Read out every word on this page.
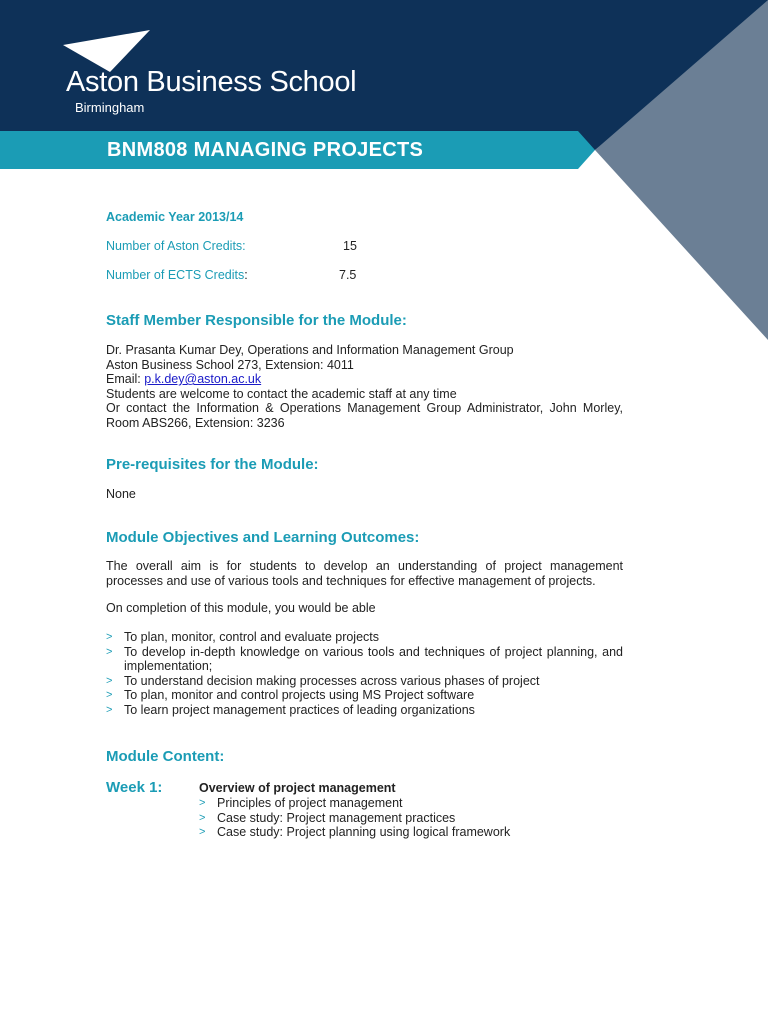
Aston Business School
Birmingham
BNM808 MANAGING PROJECTS
Academic Year 2013/14
Number of Aston Credits:	15
Number of ECTS Credits:	7.5
Staff Member Responsible for the Module:
Dr. Prasanta Kumar Dey, Operations and Information Management Group
Aston Business School 273, Extension: 4011
Email: p.k.dey@aston.ac.uk
Students are welcome to contact the academic staff at any time
Or contact the Information & Operations Management Group Administrator, John Morley, Room ABS266, Extension: 3236
Pre-requisites for the Module:
None
Module Objectives and Learning Outcomes:
The overall aim is for students to develop an understanding of project management processes and use of various tools and techniques for effective management of projects.
On completion of this module, you would be able
> To plan, monitor, control and evaluate projects
> To develop in-depth knowledge on various tools and techniques of project planning, and implementation;
> To understand decision making processes across various phases of project
> To plan, monitor and control projects using MS Project software
> To learn project management practices of leading organizations
Module Content:
Week 1:	Overview of project management
> Principles of project management
> Case study: Project management practices
> Case study: Project planning using logical framework
